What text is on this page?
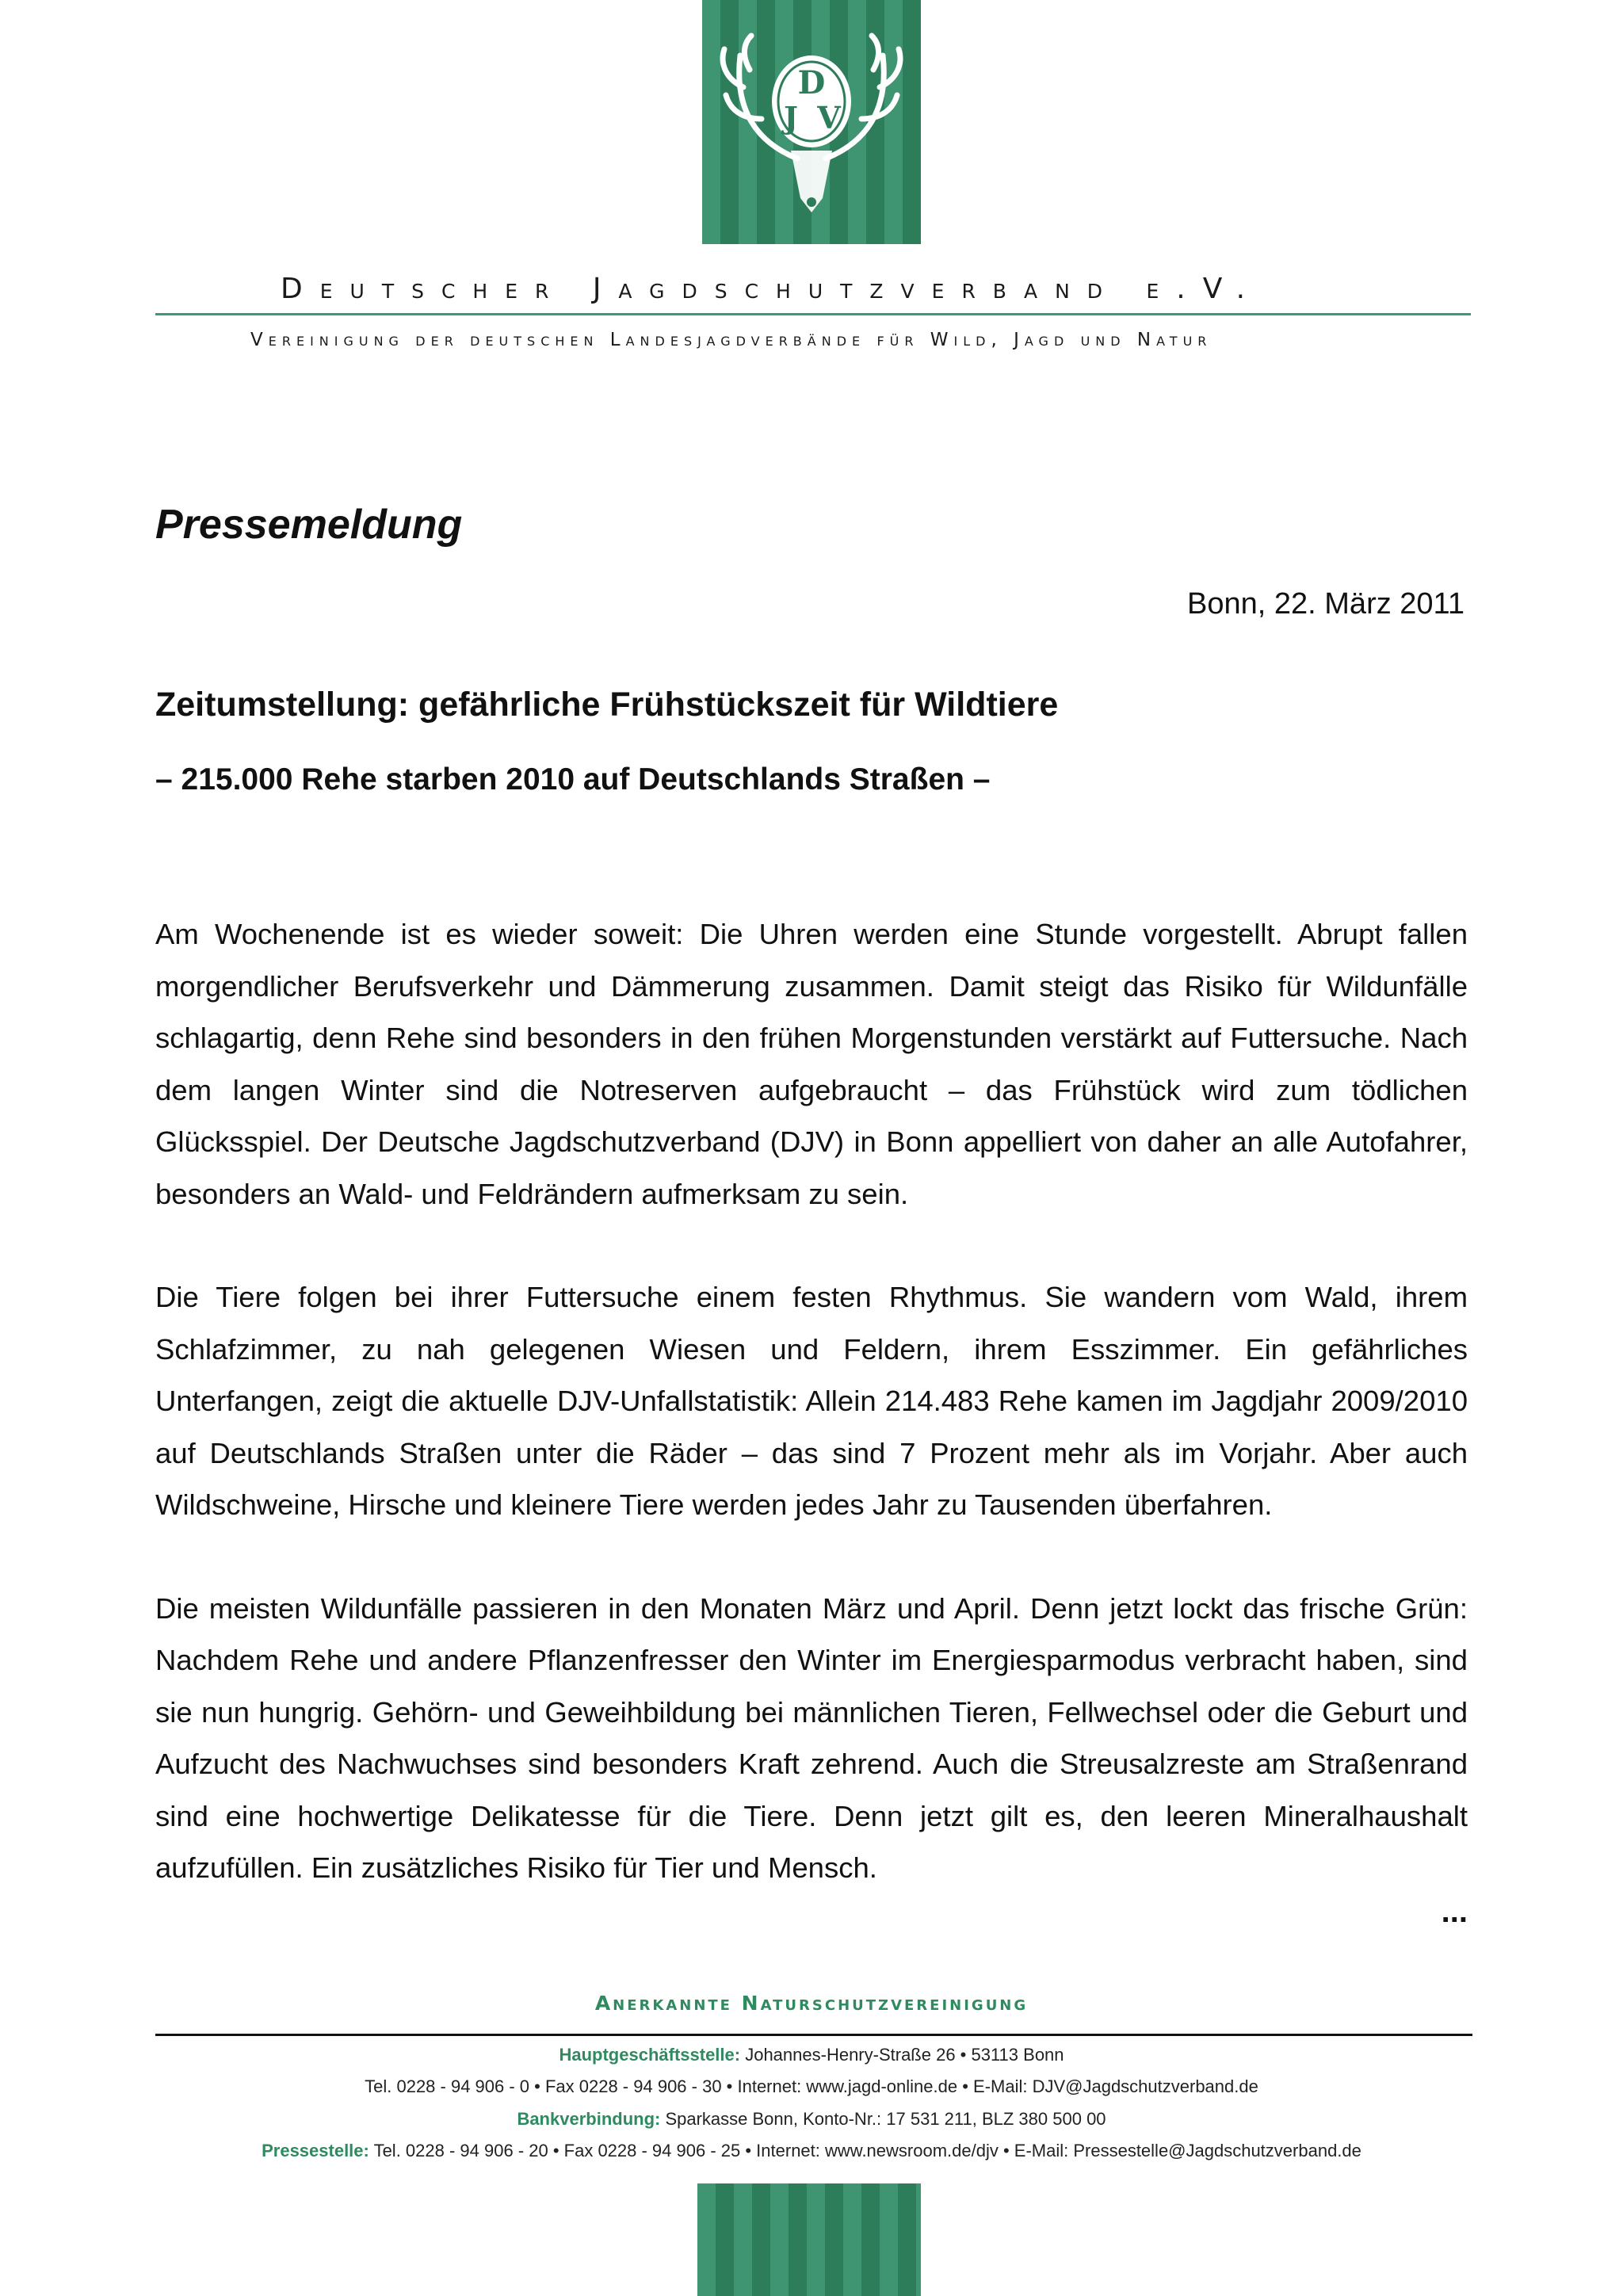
D
J V
Deutscher Jagdschutzverband e.V.
Vereinigung der deutschen Landesjagdverbände für Wild, Jagd und Natur
Pressemeldung
Bonn, 22. März 2011
Zeitumstellung: gefährliche Frühstückszeit für Wildtiere
– 215.000 Rehe starben 2010 auf Deutschlands Straßen –

Am Wochenende ist es wieder soweit: Die Uhren werden eine Stunde vorgestellt. Abrupt fallen morgendlicher Berufsverkehr und Dämmerung zusammen. Damit steigt das Risiko für Wildunfälle schlagartig, denn Rehe sind besonders in den frühen Morgenstunden verstärkt auf Futtersuche. Nach dem langen Winter sind die Notreserven aufgebraucht – das Frühstück wird zum tödlichen Glücksspiel. Der Deutsche Jagdschutzverband (DJV) in Bonn appelliert von daher an alle Autofahrer, besonders an Wald- und Feldrändern aufmerksam zu sein.

Die Tiere folgen bei ihrer Futtersuche einem festen Rhythmus. Sie wandern vom Wald, ihrem Schlafzimmer, zu nah gelegenen Wiesen und Feldern, ihrem Esszimmer. Ein gefährliches Unterfangen, zeigt die aktuelle DJV-Unfallstatistik: Allein 214.483 Rehe kamen im Jagdjahr 2009/2010 auf Deutschlands Straßen unter die Räder – das sind 7 Prozent mehr als im Vorjahr. Aber auch Wildschweine, Hirsche und kleinere Tiere werden jedes Jahr zu Tausenden überfahren.

Die meisten Wildunfälle passieren in den Monaten März und April. Denn jetzt lockt das frische Grün: Nachdem Rehe und andere Pflanzenfresser den Winter im Energiesparmodus verbracht haben, sind sie nun hungrig. Gehörn- und Geweihbildung bei männlichen Tieren, Fellwechsel oder die Geburt und Aufzucht des Nachwuchses sind besonders Kraft zehrend. Auch die Streusalzreste am Straßenrand sind eine hochwertige Delikatesse für die Tiere. Denn jetzt gilt es, den leeren Mineralhaushalt aufzufüllen. Ein zusätzliches Risiko für Tier und Mensch.

...
Anerkannte Naturschutzvereinigung
Hauptgeschäftsstelle: Johannes-Henry-Straße 26 • 53113 Bonn
Tel. 0228 - 94 906 - 0 • Fax 0228 - 94 906 - 30 • Internet: www.jagd-online.de • E-Mail: DJV@Jagdschutzverband.de
Bankverbindung: Sparkasse Bonn, Konto-Nr.: 17 531 211, BLZ 380 500 00
Pressestelle: Tel. 0228 - 94 906 - 20 • Fax 0228 - 94 906 - 25 • Internet: www.newsroom.de/djv • E-Mail: Pressestelle@Jagdschutzverband.de
